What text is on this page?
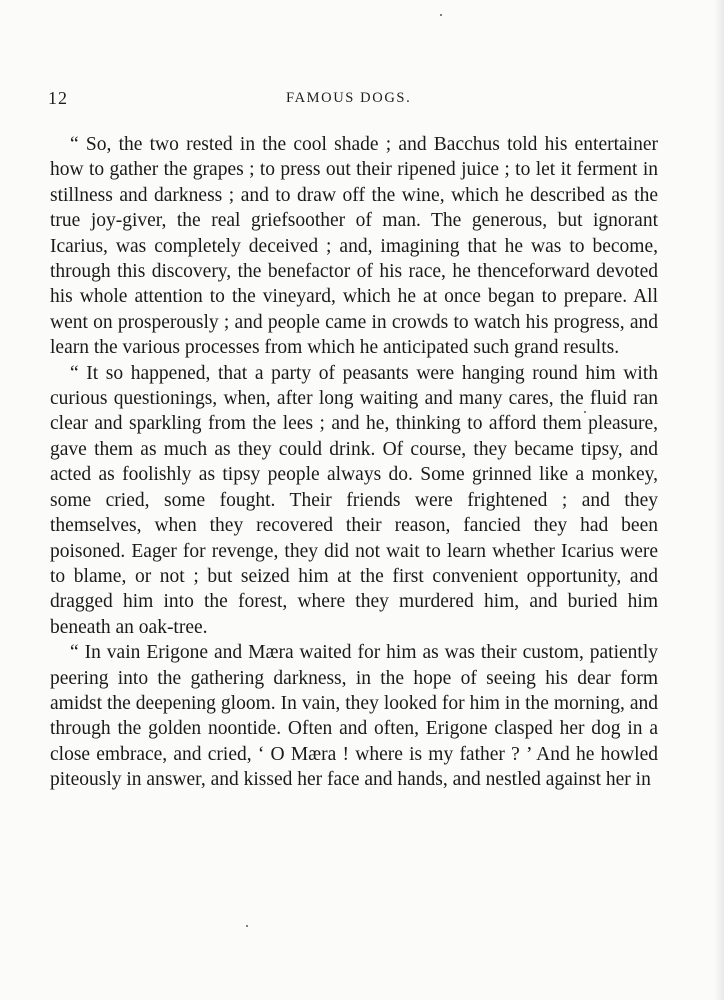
12	FAMOUS DOGS.

“ So, the two rested in the cool shade ; and Bacchus told his entertainer how to gather the grapes ; to press out their ripened juice ; to let it ferment in stillness and darkness ; and to draw off the wine, which he described as the true joy-giver, the real griefsoother of man. The generous, but ignorant Icarius, was completely deceived ; and, imagining that he was to become, through this discovery, the benefactor of his race, he thenceforward devoted his whole attention to the vineyard, which he at once began to prepare. All went on prosperously ; and people came in crowds to watch his progress, and learn the various processes from which he anticipated such grand results.

“ It so happened, that a party of peasants were hanging round him with curious questionings, when, after long waiting and many cares, the fluid ran clear and sparkling from the lees ; and he, thinking to afford them pleasure, gave them as much as they could drink. Of course, they became tipsy, and acted as foolishly as tipsy people always do. Some grinned like a monkey, some cried, some fought. Their friends were frightened ; and they themselves, when they recovered their reason, fancied they had been poisoned. Eager for revenge, they did not wait to learn whether Icarius were to blame, or not ; but seized him at the first convenient opportunity, and dragged him into the forest, where they murdered him, and buried him beneath an oak-tree.

“ In vain Erigone and Mæra waited for him as was their custom, patiently peering into the gathering darkness, in the hope of seeing his dear form amidst the deepening gloom. In vain, they looked for him in the morning, and through the golden noontide. Often and often, Erigone clasped her dog in a close embrace, and cried, ‘ O Mæra ! where is my father ? ’ And he howled piteously in answer, and kissed her face and hands, and nestled against her in
